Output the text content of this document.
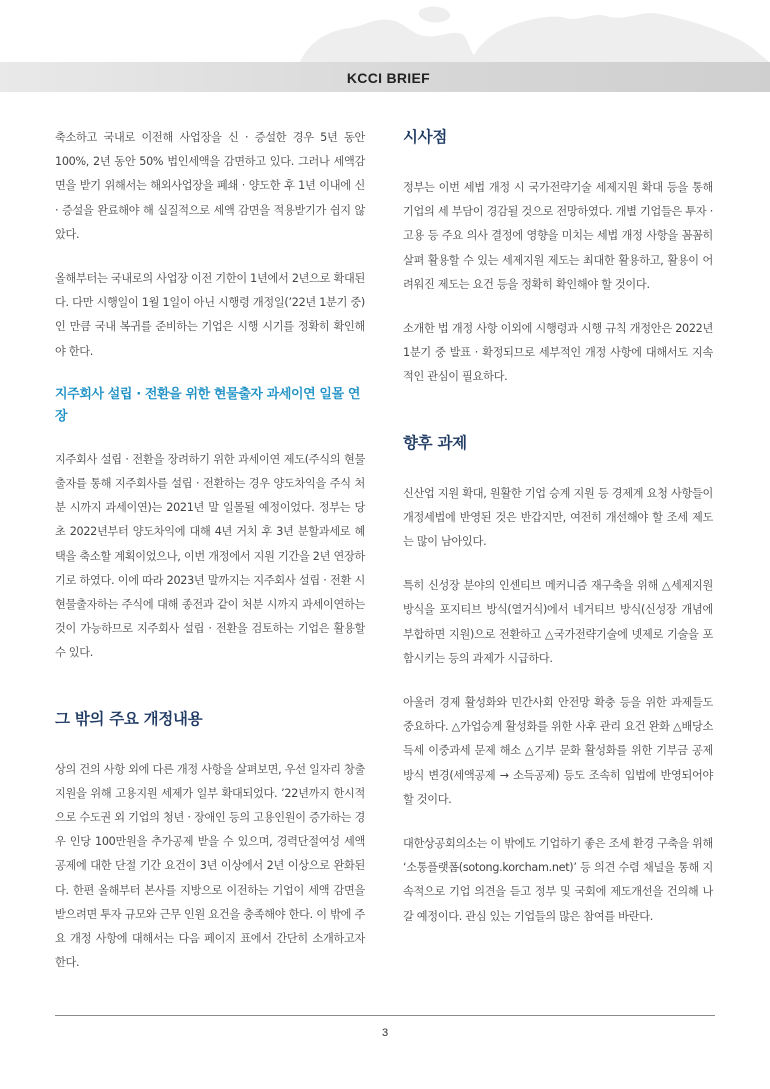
KCCI BRIEF

축소하고 국내로 이전해 사업장을 신 · 증설한 경우 5년 동안 100%, 2년 동안 50% 법인세액을 감면하고 있다. 그러나 세액감면을 받기 위해서는 해외사업장을 폐쇄 · 양도한 후 1년 이내에 신 · 증설을 완료해야 해 실질적으로 세액 감면을 적용받기가 쉽지 않았다.

올해부터는 국내로의 사업장 이전 기한이 1년에서 2년으로 확대된다. 다만 시행일이 1월 1일이 아닌 시행령 개정일(’22년 1분기 중)인 만큼 국내 복귀를 준비하는 기업은 시행 시기를 정확히 확인해야 한다.

지주회사 설립 · 전환을 위한 현물출자 과세이연 일몰 연장

지주회사 설립 · 전환을 장려하기 위한 과세이연 제도(주식의 현물출자를 통해 지주회사를 설립 · 전환하는 경우 양도차익을 주식 처분 시까지 과세이연)는 2021년 말 일몰될 예정이었다. 정부는 당초 2022년부터 양도차익에 대해 4년 거치 후 3년 분할과세로 혜택을 축소할 계획이었으나, 이번 개정에서 지원 기간을 2년 연장하기로 하였다. 이에 따라 2023년 말까지는 지주회사 설립 · 전환 시 현물출자하는 주식에 대해 종전과 같이 처분 시까지 과세이연하는 것이 가능하므로 지주회사 설립 · 전환을 검토하는 기업은 활용할 수 있다.

그 밖의 주요 개정내용

상의 건의 사항 외에 다른 개정 사항을 살펴보면, 우선 일자리 창출 지원을 위해 고용지원 세제가 일부 확대되었다. ’22년까지 한시적으로 수도권 외 기업의 청년 · 장애인 등의 고용인원이 증가하는 경우 인당 100만원을 추가공제 받을 수 있으며, 경력단절여성 세액 공제에 대한 단절 기간 요건이 3년 이상에서 2년 이상으로 완화된다. 한편 올해부터 본사를 지방으로 이전하는 기업이 세액 감면을 받으려면 투자 규모와 근무 인원 요건을 충족해야 한다. 이 밖에 주요 개정 사항에 대해서는 다음 페이지 표에서 간단히 소개하고자 한다.

시사점

정부는 이번 세법 개정 시 국가전략기술 세제지원 확대 등을 통해 기업의 세 부담이 경감될 것으로 전망하였다. 개별 기업들은 투자 · 고용 등 주요 의사 결정에 영향을 미치는 세법 개정 사항을 꼼꼼히 살펴 활용할 수 있는 세제지원 제도는 최대한 활용하고, 활용이 어려워진 제도는 요건 등을 정확히 확인해야 할 것이다.

소개한 법 개정 사항 이외에 시행령과 시행 규칙 개정안은 2022년 1분기 중 발표 · 확정되므로 세부적인 개정 사항에 대해서도 지속적인 관심이 필요하다.

향후 과제

신산업 지원 확대, 원활한 기업 승계 지원 등 경제계 요청 사항들이 개정세법에 반영된 것은 반갑지만, 여전히 개선해야 할 조세 제도는 많이 남아있다.

특히 신성장 분야의 인센티브 메커니즘 재구축을 위해 △세제지원 방식을 포지티브 방식(열거식)에서 네거티브 방식(신성장 개념에 부합하면 지원)으로 전환하고 △국가전략기술에 넷제로 기술을 포함시키는 등의 과제가 시급하다.

아울러 경제 활성화와 민간사회 안전망 확충 등을 위한 과제들도 중요하다. △가업승계 활성화를 위한 사후 관리 요건 완화 △배당소득세 이중과세 문제 해소 △기부 문화 활성화를 위한 기부금 공제 방식 변경(세액공제 → 소득공제) 등도 조속히 입법에 반영되어야 할 것이다.

대한상공회의소는 이 밖에도 기업하기 좋은 조세 환경 구축을 위해 ‘소통플랫폼(sotong.korcham.net)’ 등 의견 수렴 채널을 통해 지속적으로 기업 의견을 듣고 정부 및 국회에 제도개선을 건의해 나갈 예정이다. 관심 있는 기업들의 많은 참여를 바란다.

3
